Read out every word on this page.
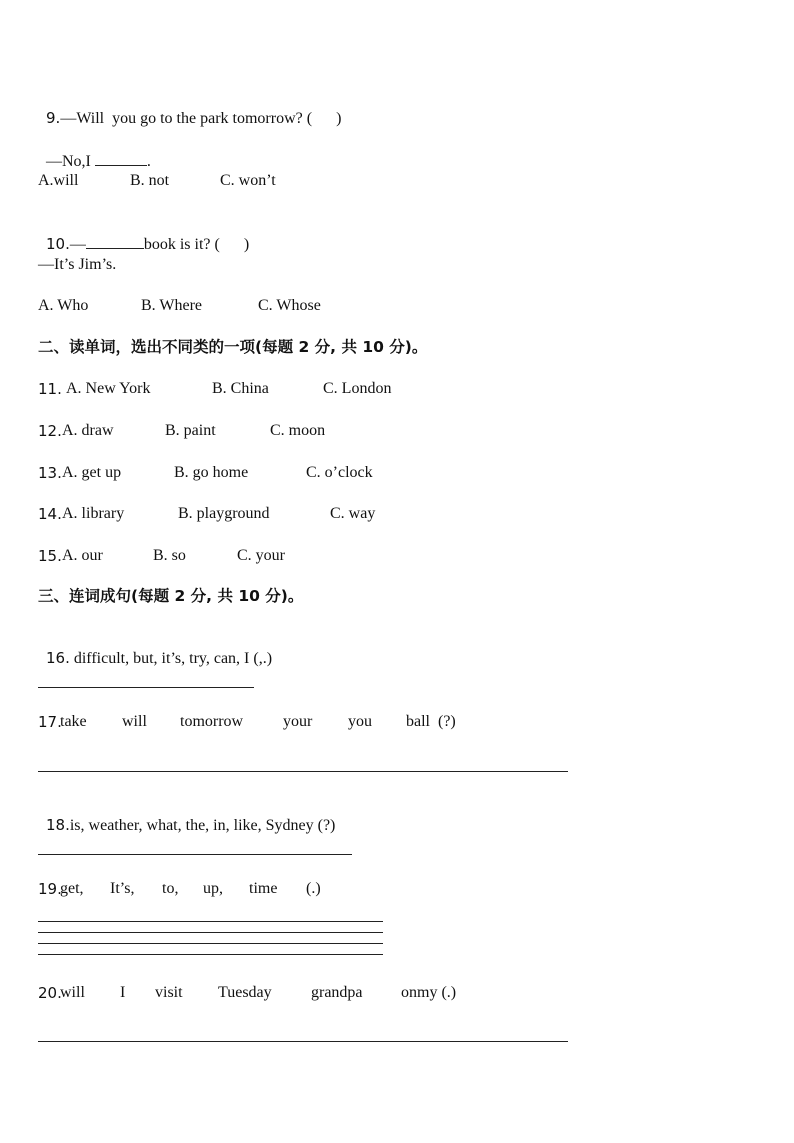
9.—Will  you go to the park tomorrow? (      )

—No,I	.

A.will

	B. not

	C. won’t

10.—	book is it? (      )

—It’s Jim’s.

A. Who

	B. Where

	C. Whose

二、读单词，选出不同类的一项(每题 2 分, 共 10 分)。

11.

A. New York

	B. China

	C. London

12.

A. draw

	B. paint

	C. moon

13.

A. get up

	B. go home

	C. o’clock

14.

A. library

	B. playground

	C. way

15.

A. our

	B. so

	C. your

三、连词成句(每题 2 分, 共 10 分)。

16. difficult, but, it’s, try, can, I (,.)

17.

take

will

tomorrow

your

you

ball  (?)

18.is, weather, what, the, in, like, Sydney (?)

19.

get,

It’s,

to,

up,

time

(.)

20.

will

I

visit

Tuesday

grandpa

onmy (.)
